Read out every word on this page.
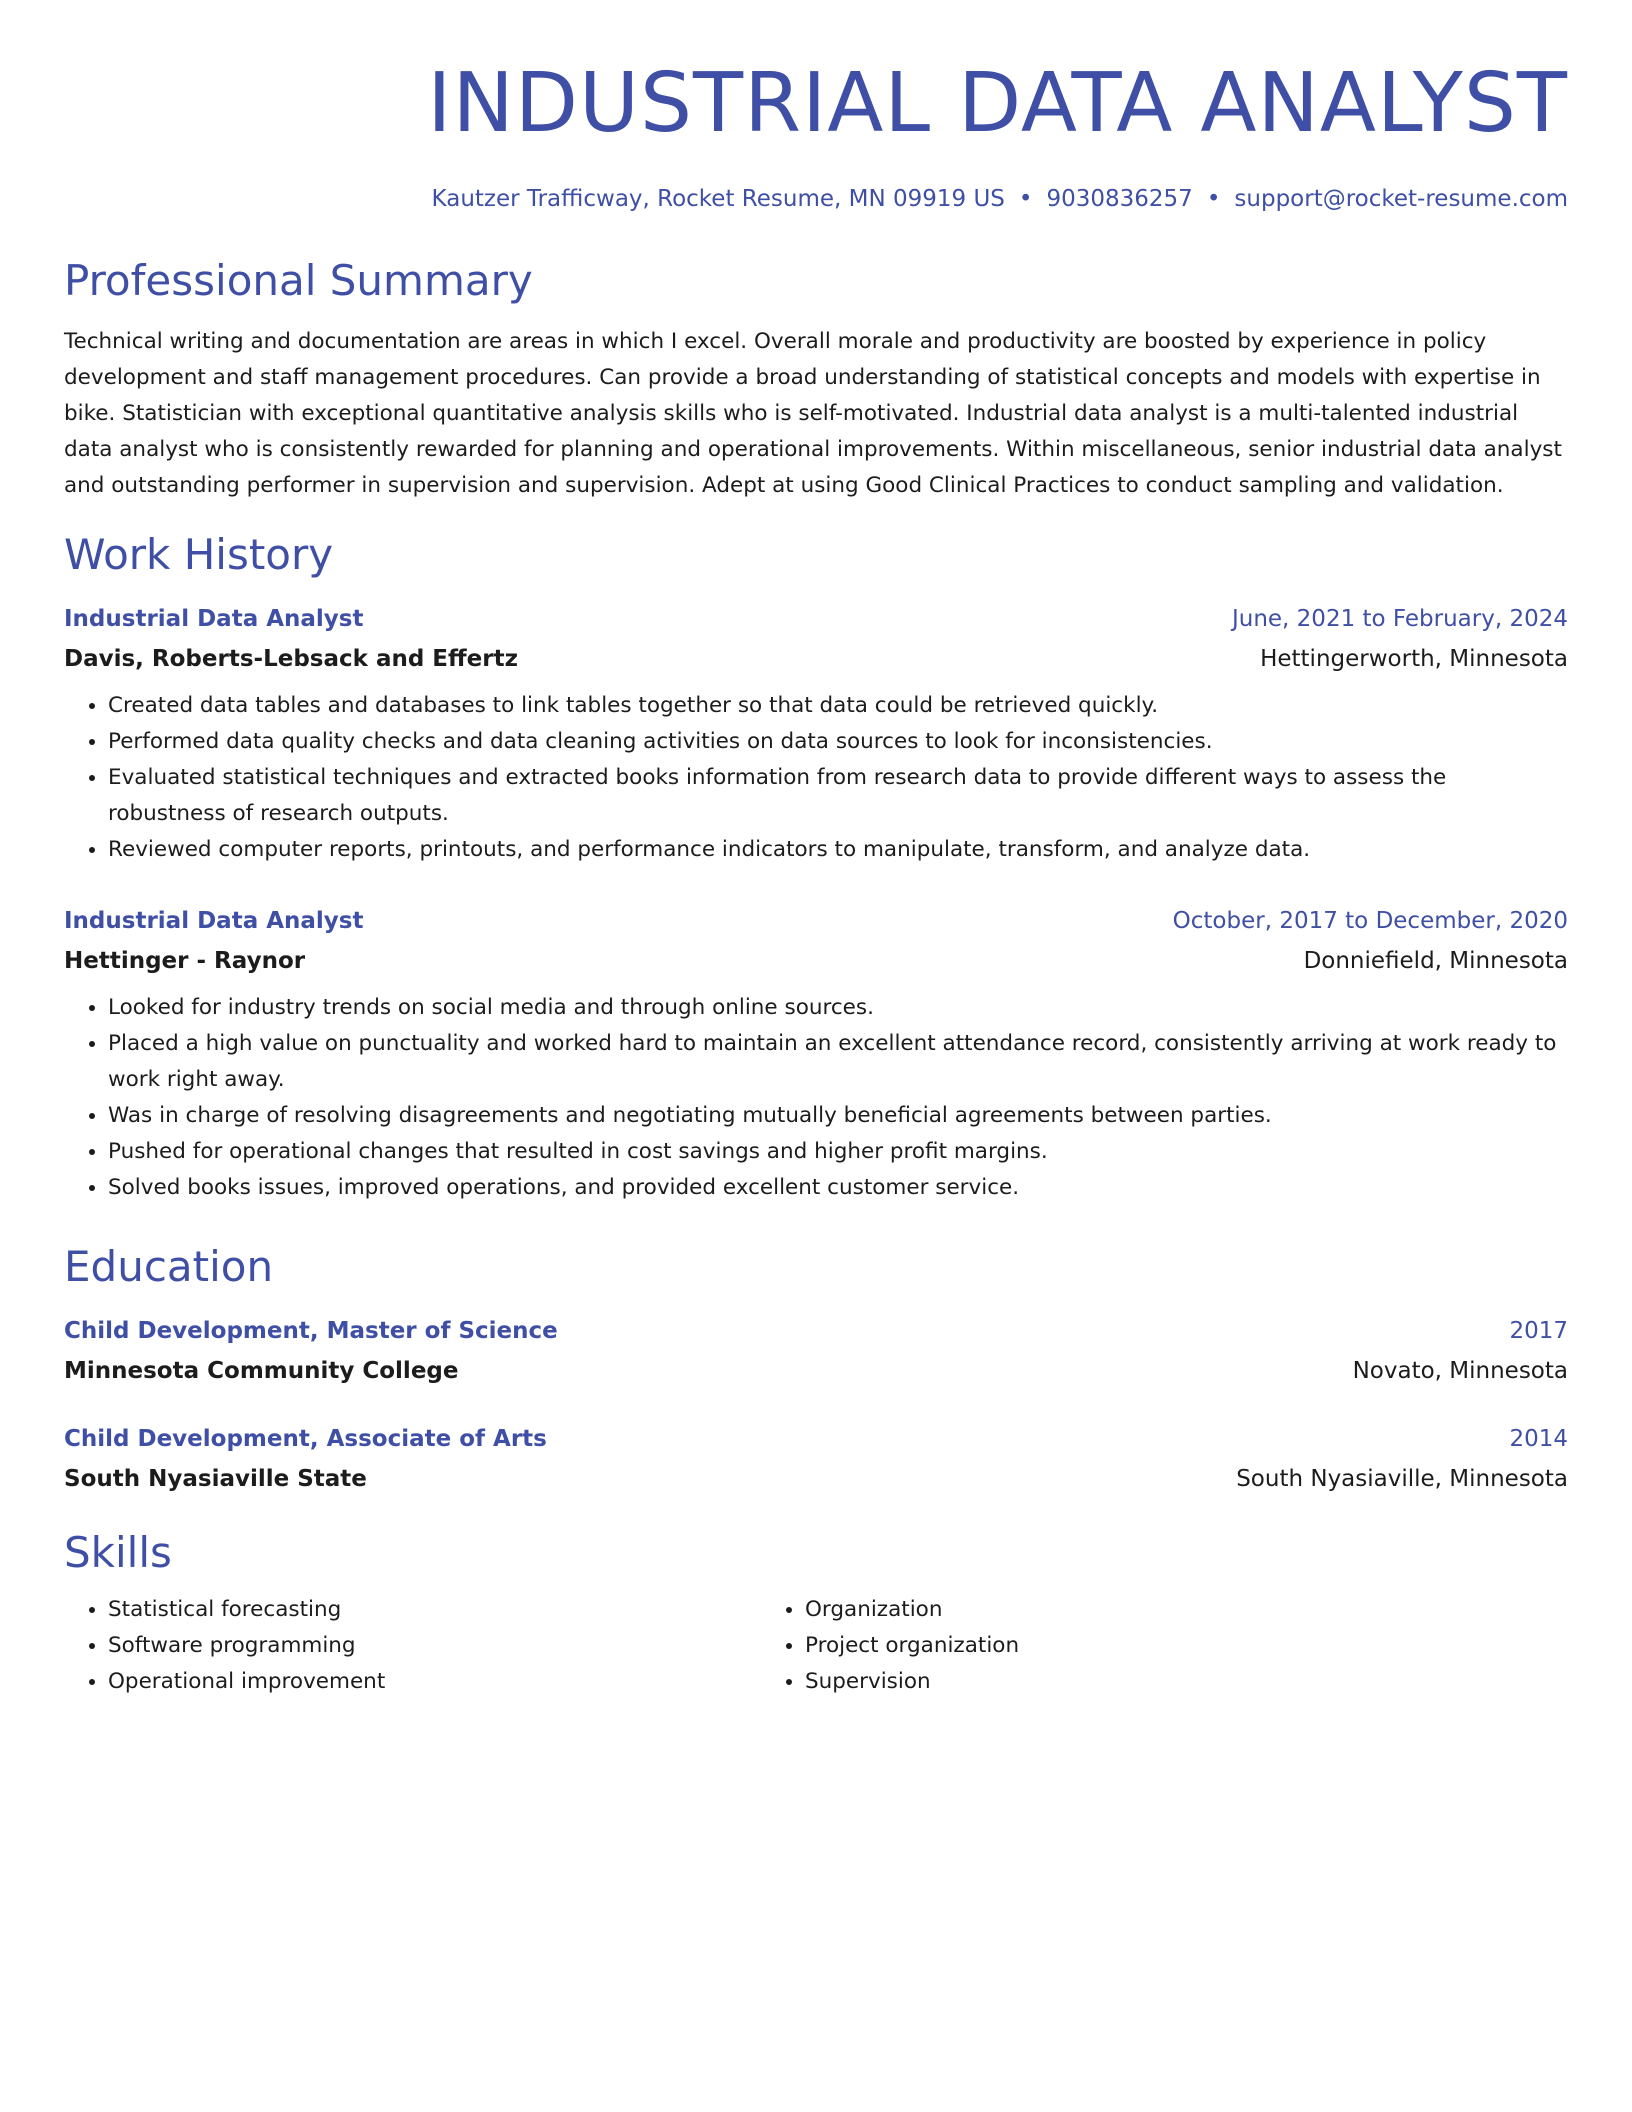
INDUSTRIAL DATA ANALYST
Kautzer Trafficway, Rocket Resume, MN 09919 US • 9030836257 • support@rocket-resume.com
Professional Summary
Technical writing and documentation are areas in which I excel. Overall morale and productivity are boosted by experience in policy development and staff management procedures. Can provide a broad understanding of statistical concepts and models with expertise in bike. Statistician with exceptional quantitative analysis skills who is self-motivated. Industrial data analyst is a multi-talented industrial data analyst who is consistently rewarded for planning and operational improvements. Within miscellaneous, senior industrial data analyst and outstanding performer in supervision and supervision. Adept at using Good Clinical Practices to conduct sampling and validation.
Work History
Industrial Data Analyst	June, 2021 to February, 2024
Davis, Roberts-Lebsack and Effertz	Hettingerworth, Minnesota
• Created data tables and databases to link tables together so that data could be retrieved quickly.
• Performed data quality checks and data cleaning activities on data sources to look for inconsistencies.
• Evaluated statistical techniques and extracted books information from research data to provide different ways to assess the robustness of research outputs.
• Reviewed computer reports, printouts, and performance indicators to manipulate, transform, and analyze data.
Industrial Data Analyst	October, 2017 to December, 2020
Hettinger - Raynor	Donniefield, Minnesota
• Looked for industry trends on social media and through online sources.
• Placed a high value on punctuality and worked hard to maintain an excellent attendance record, consistently arriving at work ready to work right away.
• Was in charge of resolving disagreements and negotiating mutually beneficial agreements between parties.
• Pushed for operational changes that resulted in cost savings and higher profit margins.
• Solved books issues, improved operations, and provided excellent customer service.
Education
Child Development, Master of Science	2017
Minnesota Community College	Novato, Minnesota
Child Development, Associate of Arts	2014
South Nyasiaville State	South Nyasiaville, Minnesota
Skills
• Statistical forecasting
• Software programming
• Operational improvement
• Organization
• Project organization
• Supervision
